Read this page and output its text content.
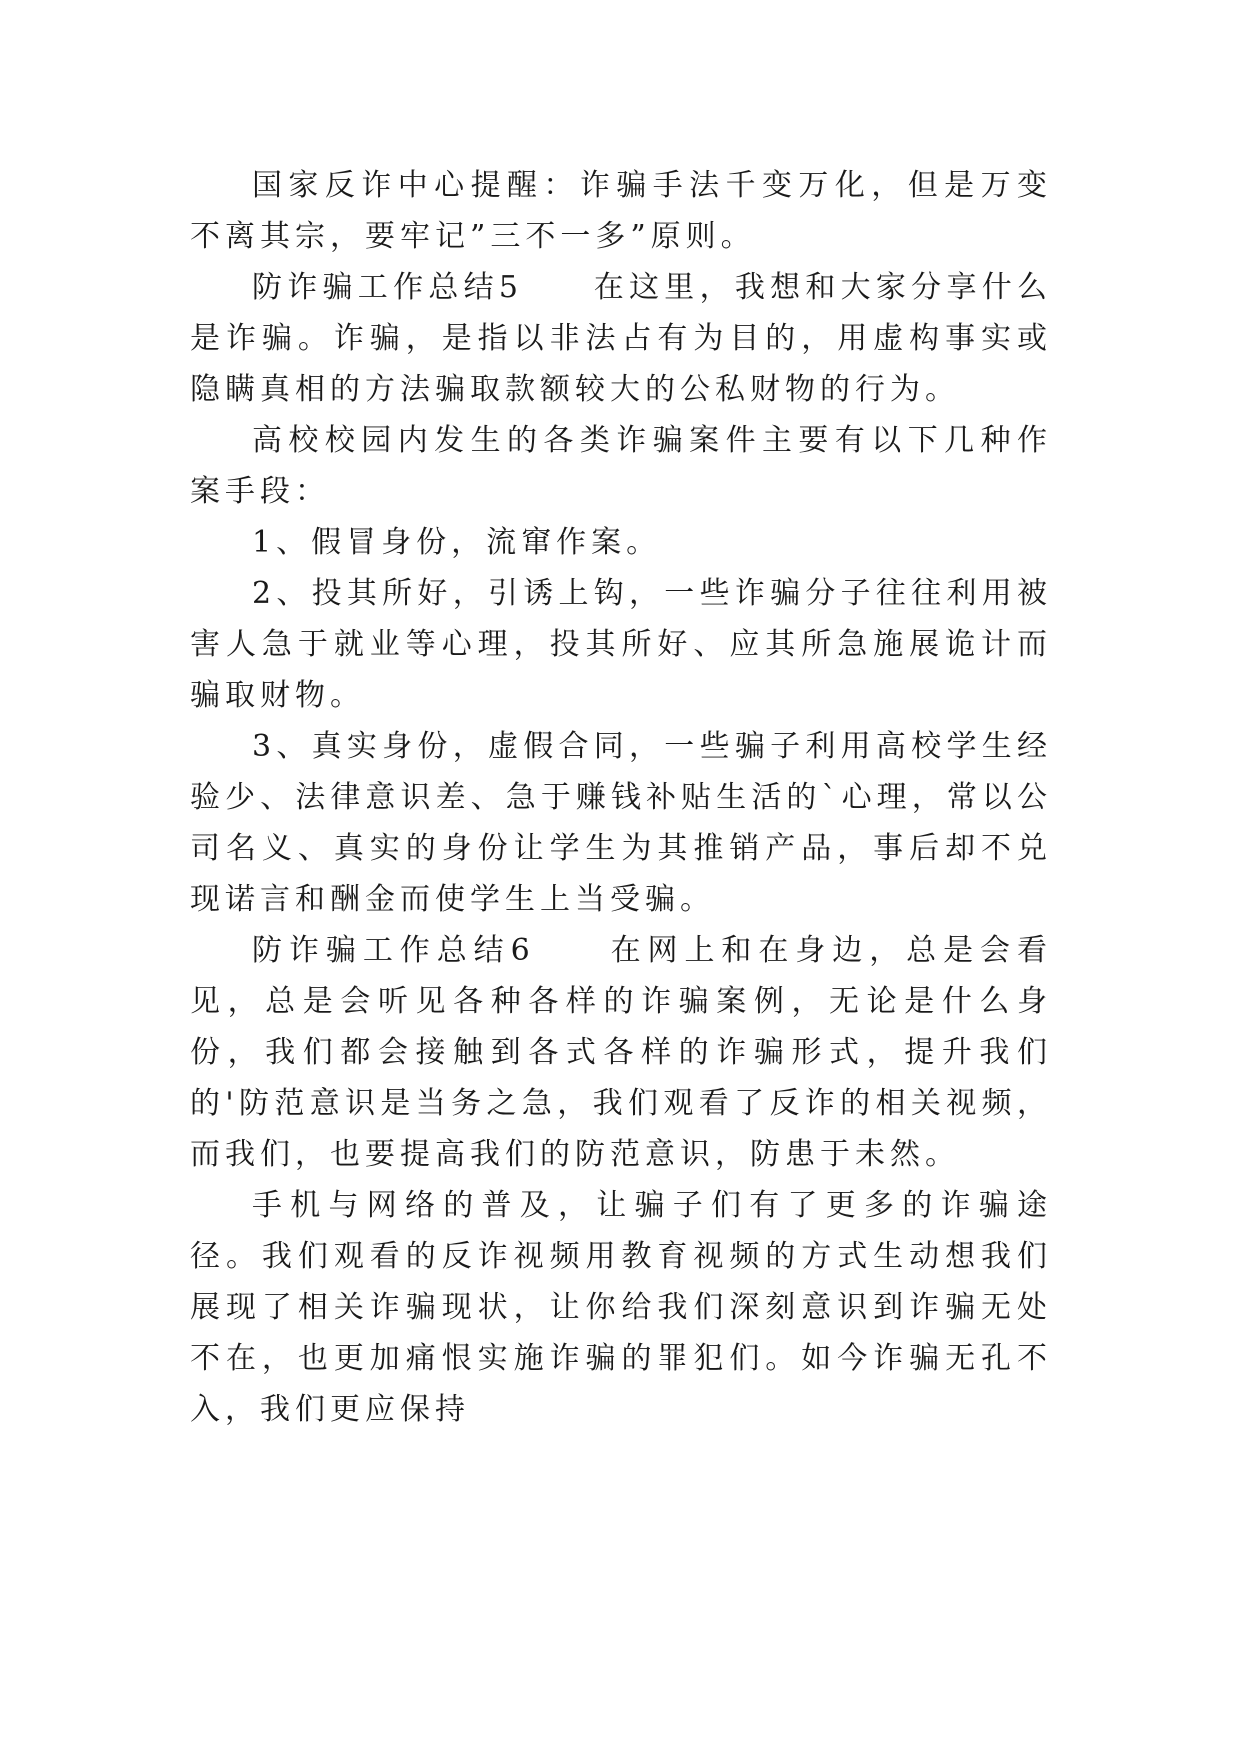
国家反诈中心提醒：诈骗手法千变万化，但是万变不离其宗，要牢记”三不一多”原则。

防诈骗工作总结5　　在这里，我想和大家分享什么是诈骗。诈骗，是指以非法占有为目的，用虚构事实或隐瞒真相的方法骗取款额较大的公私财物的行为。

高校校园内发生的各类诈骗案件主要有以下几种作案手段：

1、假冒身份，流窜作案。

2、投其所好，引诱上钩，一些诈骗分子往往利用被害人急于就业等心理，投其所好、应其所急施展诡计而骗取财物。

3、真实身份，虚假合同，一些骗子利用高校学生经验少、法律意识差、急于赚钱补贴生活的`心理，常以公司名义、真实的身份让学生为其推销产品，事后却不兑现诺言和酬金而使学生上当受骗。

防诈骗工作总结6　　在网上和在身边，总是会看见，总是会听见各种各样的诈骗案例，无论是什么身份，我们都会接触到各式各样的诈骗形式，提升我们的'防范意识是当务之急，我们观看了反诈的相关视频，而我们，也要提高我们的防范意识，防患于未然。

手机与网络的普及，让骗子们有了更多的诈骗途径。我们观看的反诈视频用教育视频的方式生动想我们展现了相关诈骗现状，让你给我们深刻意识到诈骗无处不在，也更加痛恨实施诈骗的罪犯们。如今诈骗无孔不入，我们更应保持
